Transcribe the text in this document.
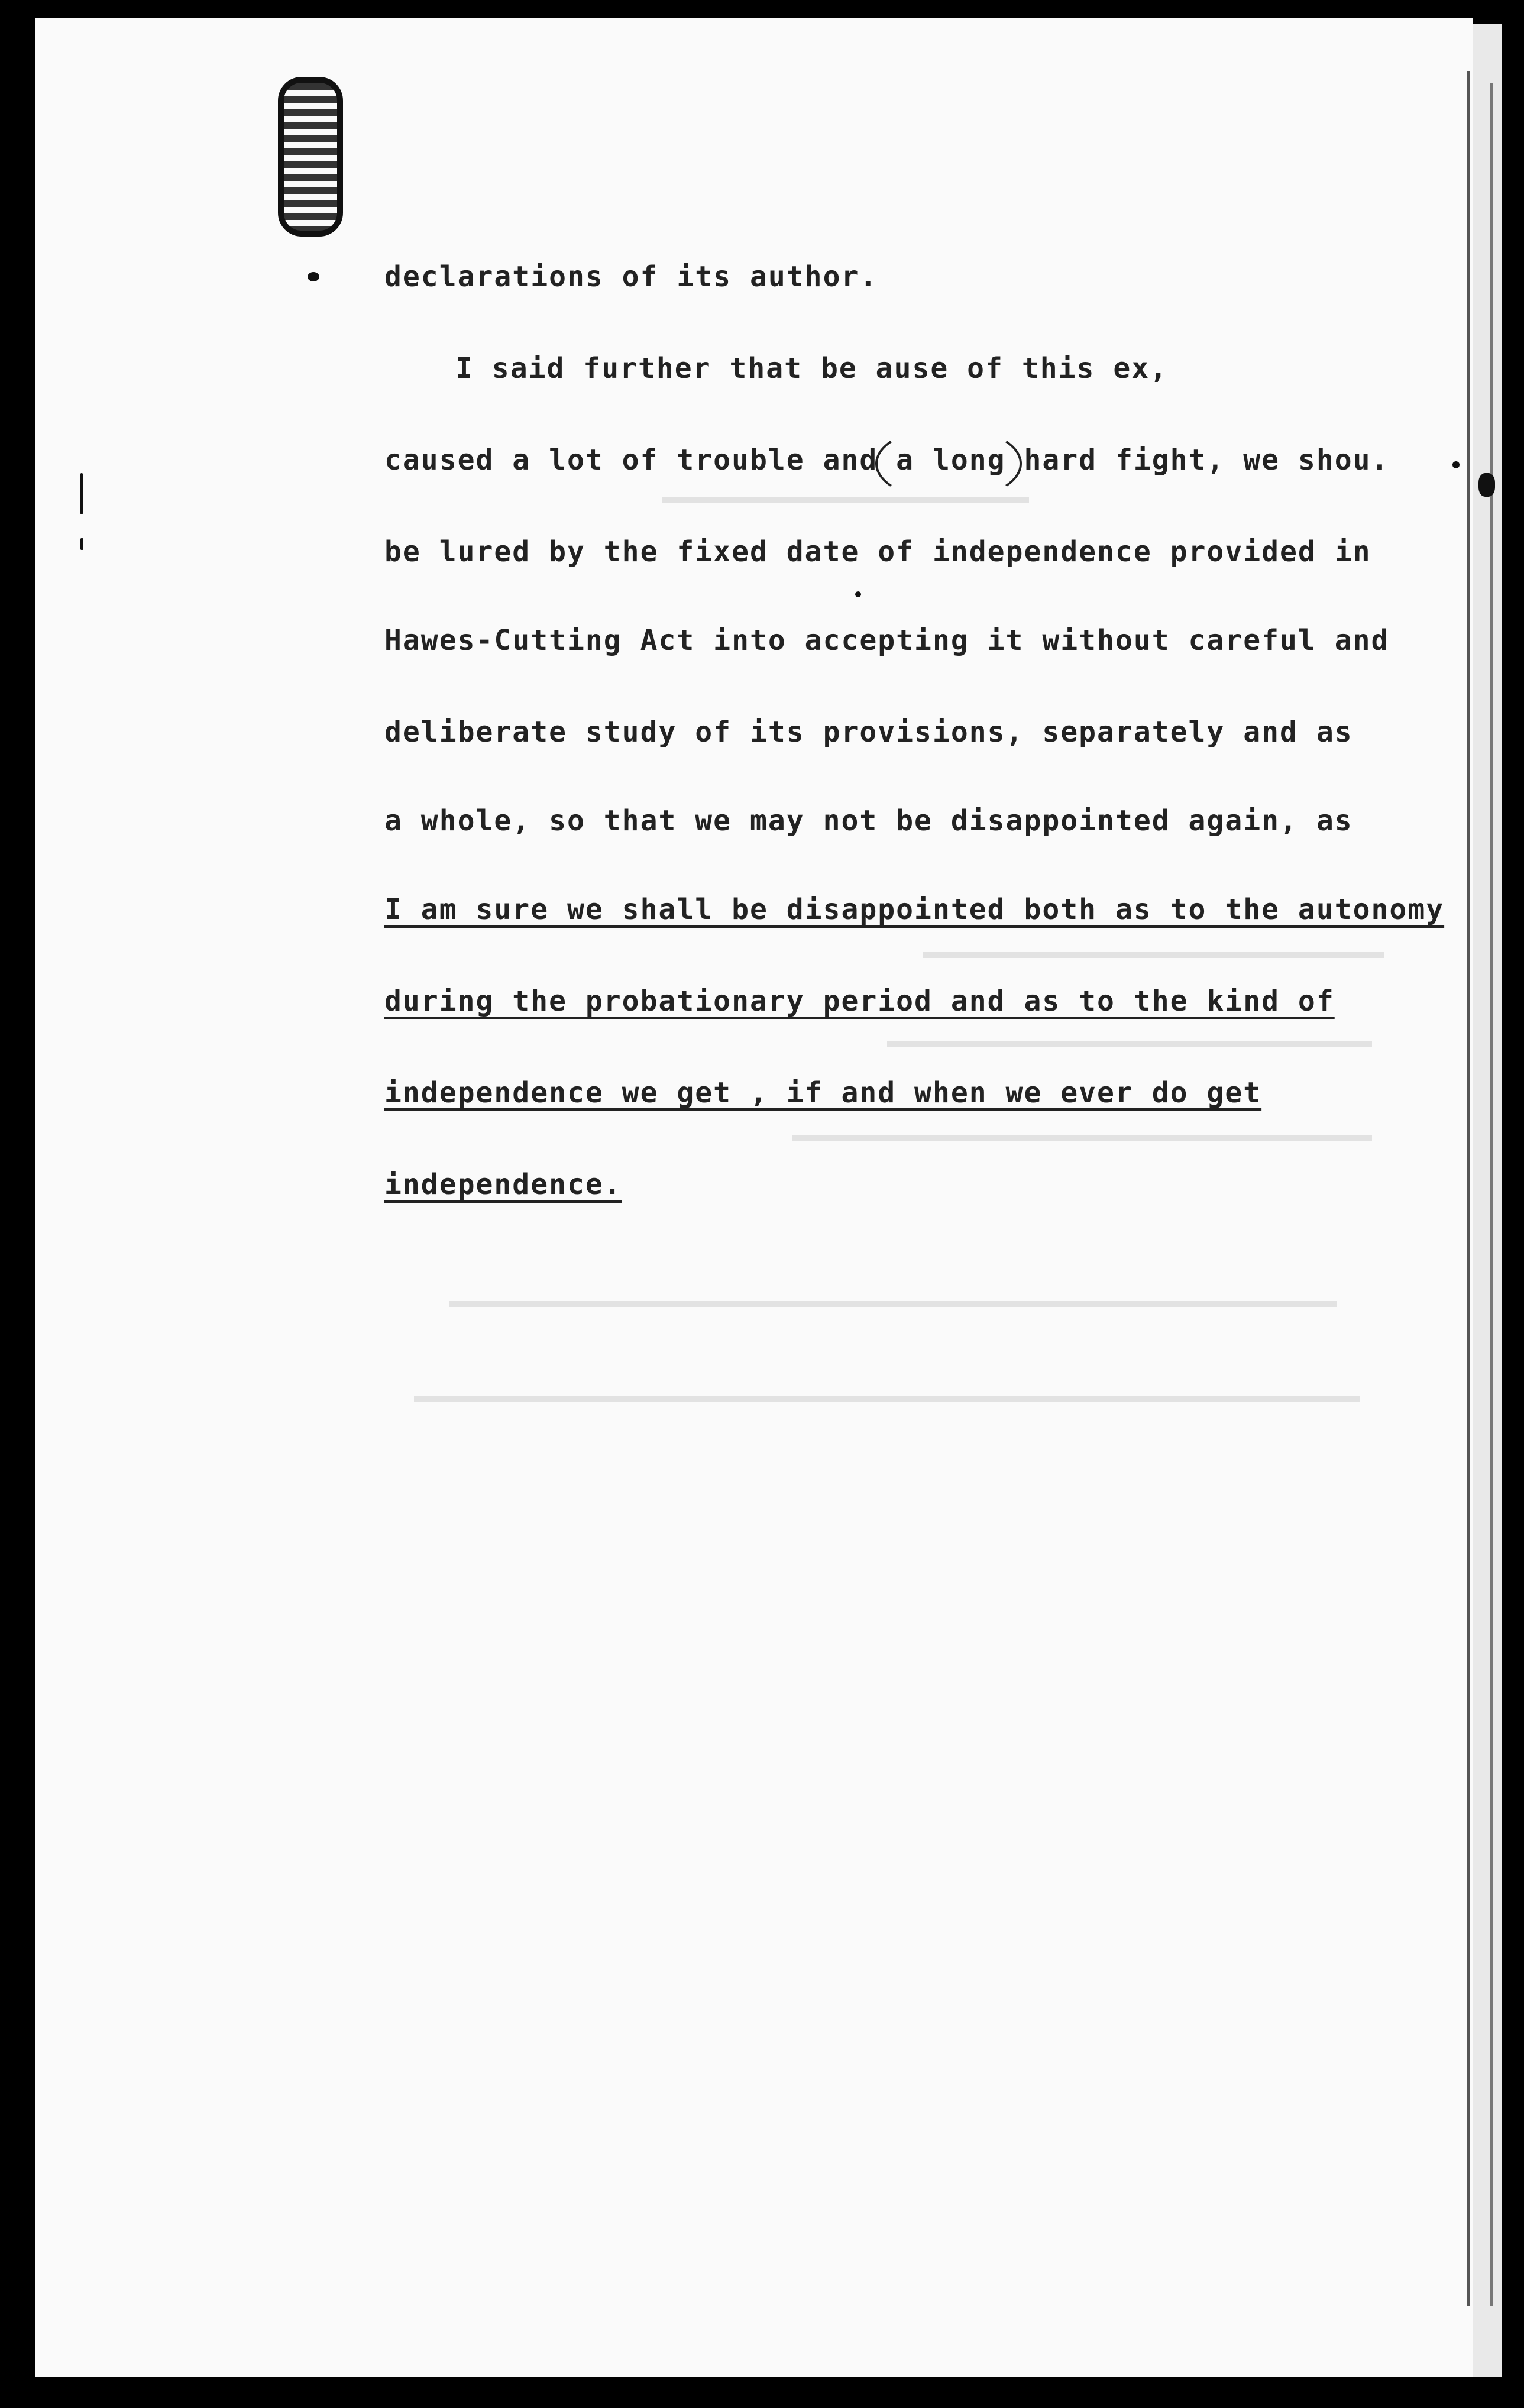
declarations of its author.
I said further that be ause of this ex,
caused a lot of trouble and a long hard fight, we shou.
be lured by the fixed date of independence provided in
Hawes-Cutting Act into accepting it without careful and
deliberate study of its provisions, separately and as
a whole, so that we may not be disappointed again, as
I am sure we shall be disappointed both as to the autonomy
during the probationary period and as to the kind of
independence we get , if and when we ever do get
independence.
